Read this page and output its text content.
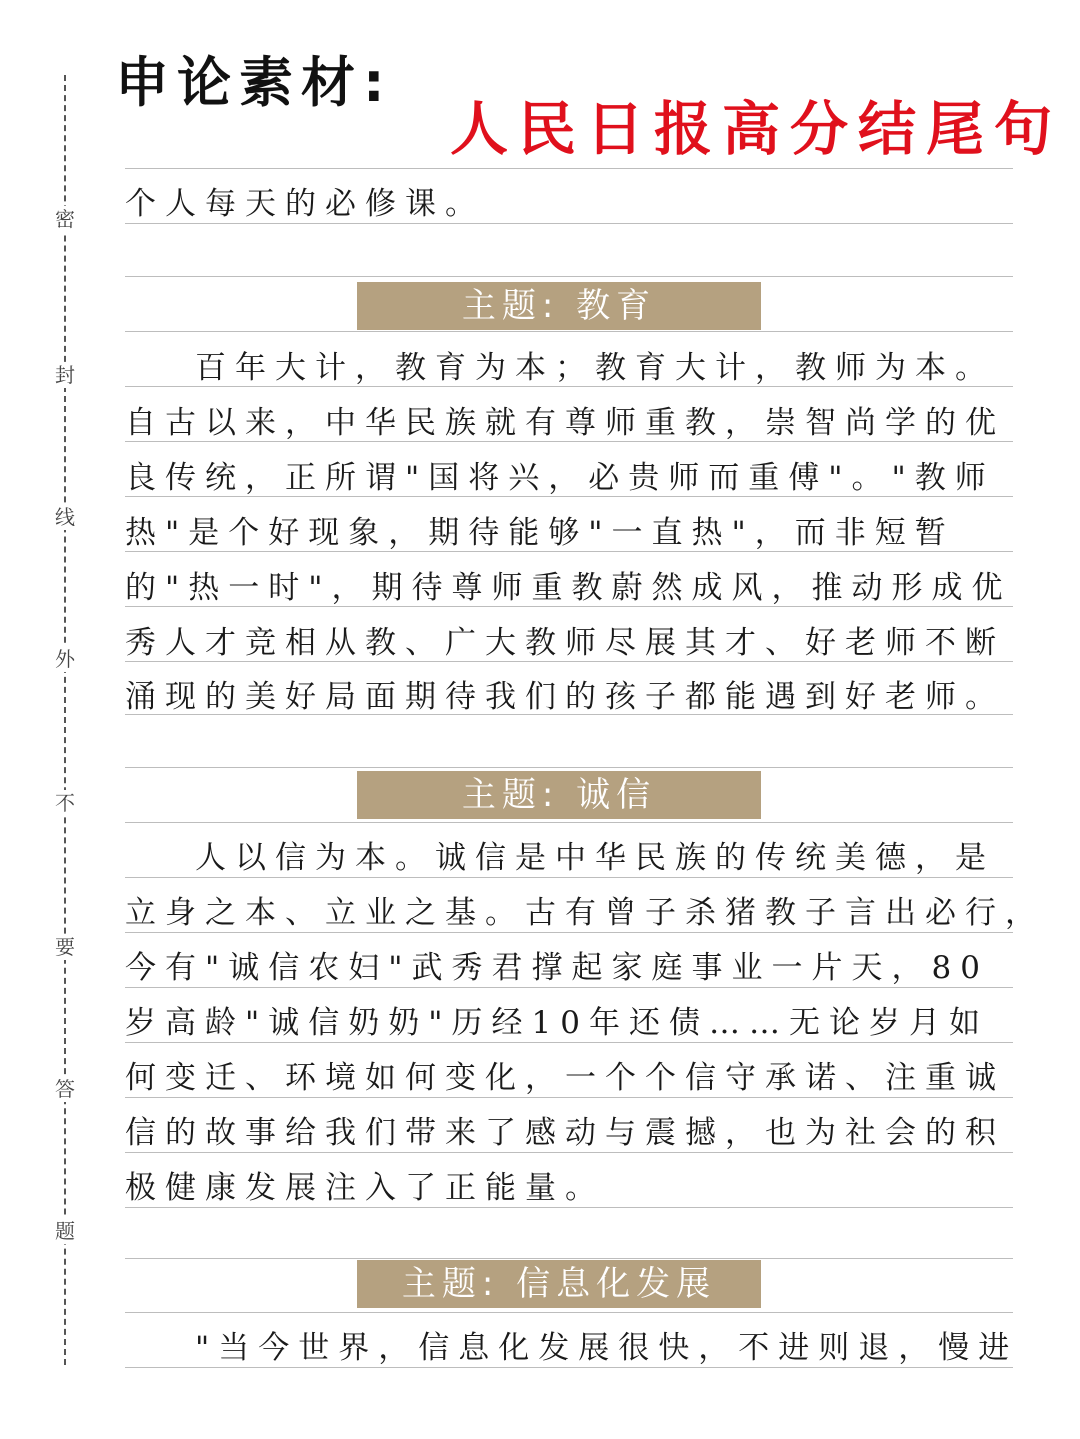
密
封
线
外
不
要
答
题
申论素材:
人民日报高分结尾句
个人每天的必修课。
主题: 教育
百年大计，教育为本；教育大计，教师为本。
自古以来，中华民族就有尊师重教，崇智尚学的优
良传统，正所谓"国将兴，必贵师而重傅"。"教师
热"是个好现象，期待能够"一直热"，而非短暂
的"热一时"，期待尊师重教蔚然成风，推动形成优
秀人才竞相从教、广大教师尽展其才、好老师不断
涌现的美好局面期待我们的孩子都能遇到好老师。
主题: 诚信
人以信为本。诚信是中华民族的传统美德，是
立身之本、立业之基。古有曾子杀猪教子言出必行，
今有"诚信农妇"武秀君撑起家庭事业一片天，80
岁高龄"诚信奶奶"历经10年还债……无论岁月如
何变迁、环境如何变化，一个个信守承诺、注重诚
信的故事给我们带来了感动与震撼，也为社会的积
极健康发展注入了正能量。
主题: 信息化发展
"当今世界，信息化发展很快，不进则退，慢进
